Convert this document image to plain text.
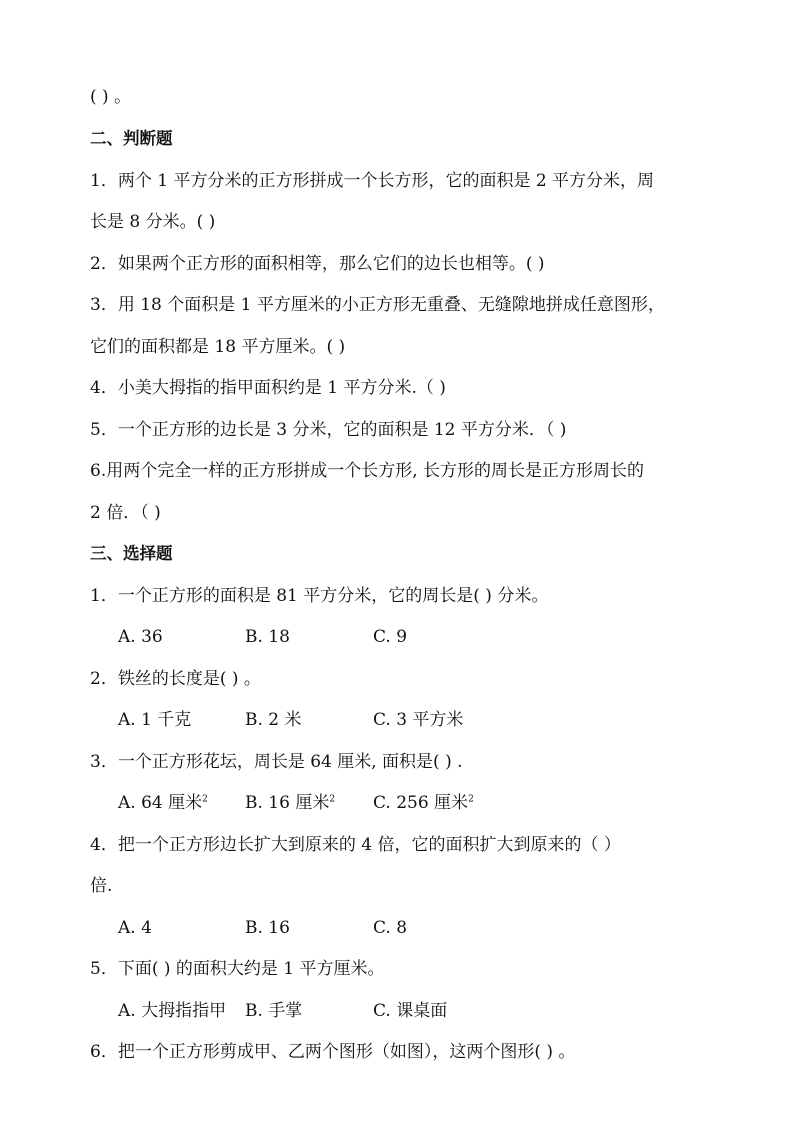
( ) 。
二、判断题
1．两个 1 平方分米的正方形拼成一个长方形，它的面积是 2 平方分米，周
长是 8 分米。( )
2．如果两个正方形的面积相等，那么它们的边长也相等。( )
3．用 18 个面积是 1 平方厘米的小正方形无重叠、无缝隙地拼成任意图形，
它们的面积都是 18 平方厘米。( )
4．小美大拇指的指甲面积约是 1 平方分米.（ )
5．一个正方形的边长是 3 分米，它的面积是 12 平方分米．（ )
6.用两个完全一样的正方形拼成一个长方形, 长方形的周长是正方形周长的
2 倍．（ )
三、选择题
1．一个正方形的面积是 81 平方分米，它的周长是( ) 分米。
A. 36	B. 18	C. 9
2．铁丝的长度是( ) 。
A. 1 千克	B. 2 米	C. 3 平方米
3．一个正方形花坛，周长是 64 厘米, 面积是( ) .
A. 64 厘米$^2$ B. 16 厘米$^2$ C. 256 厘米$^2$
4．把一个正方形边长扩大到原来的 4 倍，它的面积扩大到原来的（ ）
倍.
A. 4	B. 16	C. 8
5．下面( ) 的面积大约是 1 平方厘米。
A. 大拇指指甲 B. 手掌	C. 课桌面
6．把一个正方形剪成甲、乙两个图形（如图），这两个图形( ) 。
